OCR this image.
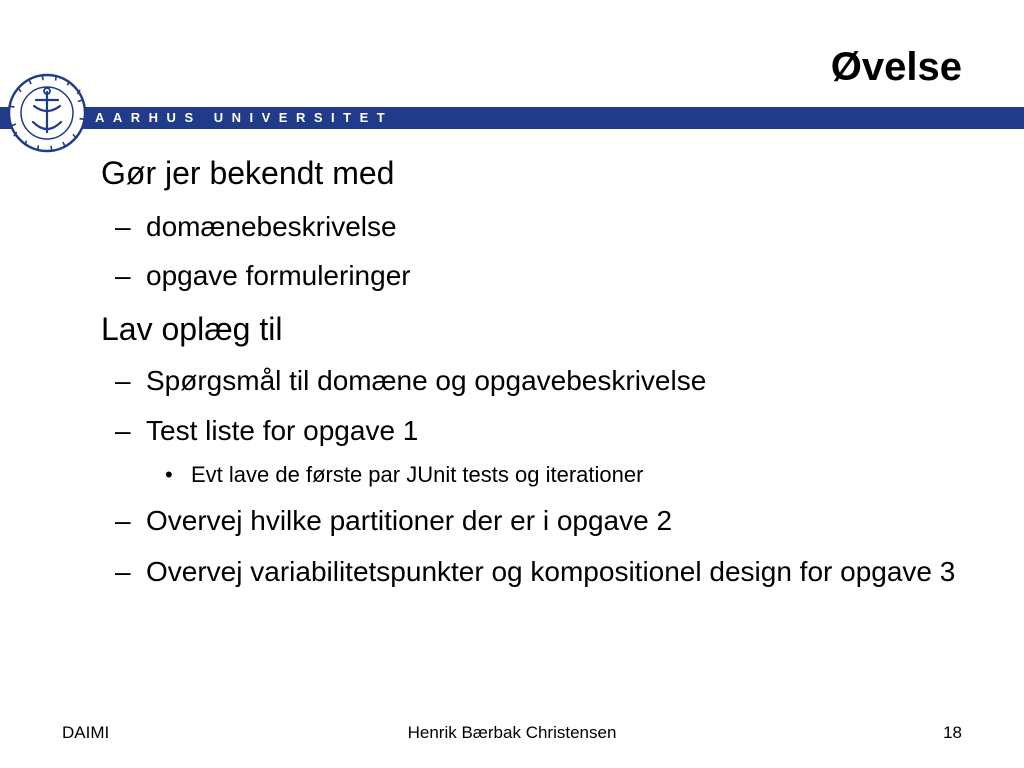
Øvelse
AARHUS UNIVERSITET
Gør jer bekendt med
– domænebeskrivelse
– opgave formuleringer
Lav oplæg til
– Spørgsmål til domæne og opgavebeskrivelse
– Test liste for opgave 1
• Evt lave de første par JUnit tests og iterationer
– Overvej hvilke partitioner der er i opgave 2
– Overvej variabilitetspunkter og kompositionel design for opgave 3
DAIMI	Henrik Bærbak Christensen	18
